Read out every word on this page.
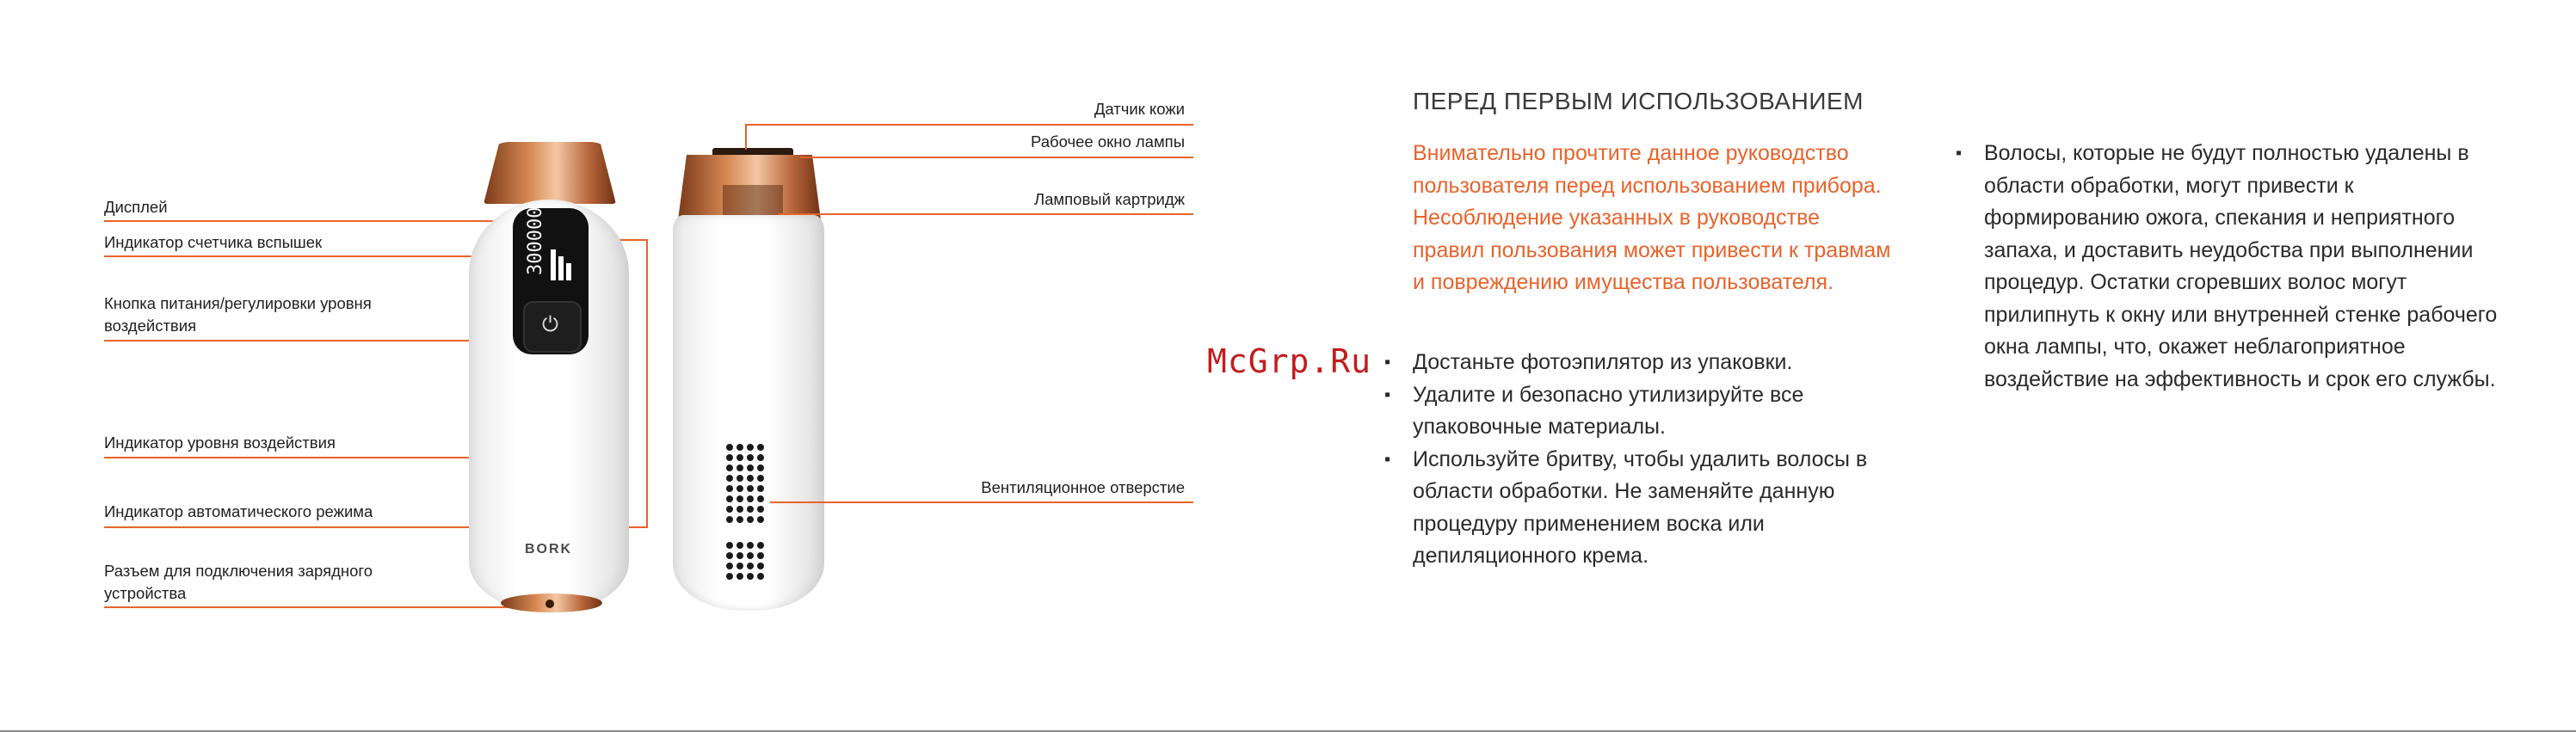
Дисплей
Индикатор счетчика вспышек
Кнопка питания/регулировки уровня
воздействия
Индикатор уровня воздействия
Индикатор автоматического режима
Разъем для подключения зарядного
устройства
300000
⏻
BORK
Датчик кожи
Рабочее окно лампы
Ламповый картридж
Вентиляционное отверстие
McGrp.Ru
ПЕРЕД ПЕРВЫМ ИСПОЛЬЗОВАНИЕМ
Внимательно прочтите данное руководство пользователя перед использованием прибора. Несоблюдение указанных в руководстве правил пользования может привести к травмам и повреждению имущества пользователя.
▪ Достаньте фотоэпилятор из упаковки.
▪ Удалите и безопасно утилизируйте все упаковочные материалы.
▪ Используйте бритву, чтобы удалить волосы в области обработки. Не заменяйте данную процедуру применением воска или депиляционного крема.
▪ Волосы, которые не будут полностью удалены в области обработки, могут привести к формированию ожога, спекания и неприятного запаха, и доставить неудобства при выполнении процедур. Остатки сгоревших волос могут прилипнуть к окну или внутренней стенке рабочего окна лампы, что, окажет неблагоприятное воздействие на эффективность и срок его службы.
